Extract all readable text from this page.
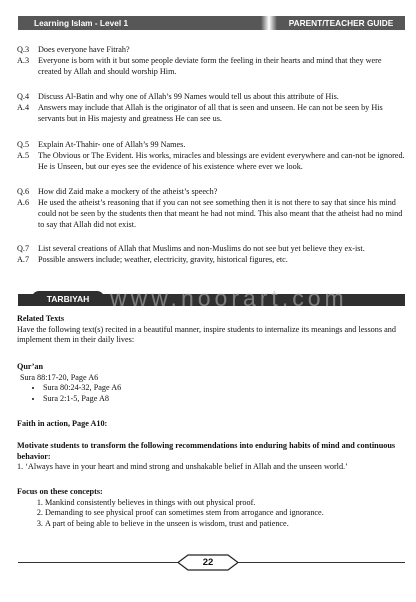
Learning Islam - Level 1	PARENT/TEACHER GUIDE
Q.3	Does everyone have Fitrah?
A.3	Everyone is born with it but some people deviate form the feeling in their hearts and mind that they were created by Allah and should worship Him.
Q.4	Discuss Al-Batin and why one of Allah’s 99 Names would tell us about this attribute of His.
A.4	Answers may include that Allah is the originator of all that is seen and unseen. He can not be seen by His servants but in His majesty and greatness He can see us.
Q.5	Explain At-Thahir- one of Allah’s 99 Names.
A.5	The Obvious or The Evident. His works, miracles and blessings are evident everywhere and can-not be ignored. He is Unseen, but our eyes see the evidence of his existence where ever we look.
Q.6	How did Zaid make a mockery of the atheist’s speech?
A.6	He used the atheist’s reasoning that if you can not see something then it is not there to say that since his mind could not be seen by the students then that meant he had not mind. This also meant that the atheist had no mind to say that Allah did not exist.
Q.7	List several creations of Allah that Muslims and non-Muslims do not see but yet believe they ex-ist.
A.7	Possible answers include; weather, electricity, gravity, historical figures, etc.
TARBIYAH www.noorart.com
Related Texts
Have the following text(s) recited in a beautiful manner, inspire students to internalize its meanings and lessons and implement them in their daily lives:
Qur’an
Sura 88:17-20, Page A6
• Sura 80:24-32, Page A6
• Sura 2:1-5, Page A8
Faith in action, Page A10:
Motivate students to transform the following recommendations into enduring habits of mind and continuous behavior:
1. ‘Always have in your heart and mind strong and unshakable belief in Allah and the unseen world.’
Focus on these concepts:
1. Mankind consistently believes in things with out physical proof.
2. Demanding to see physical proof can sometimes stem from arrogance and ignorance.
3. A part of being able to believe in the unseen is wisdom, trust and patience.
22
